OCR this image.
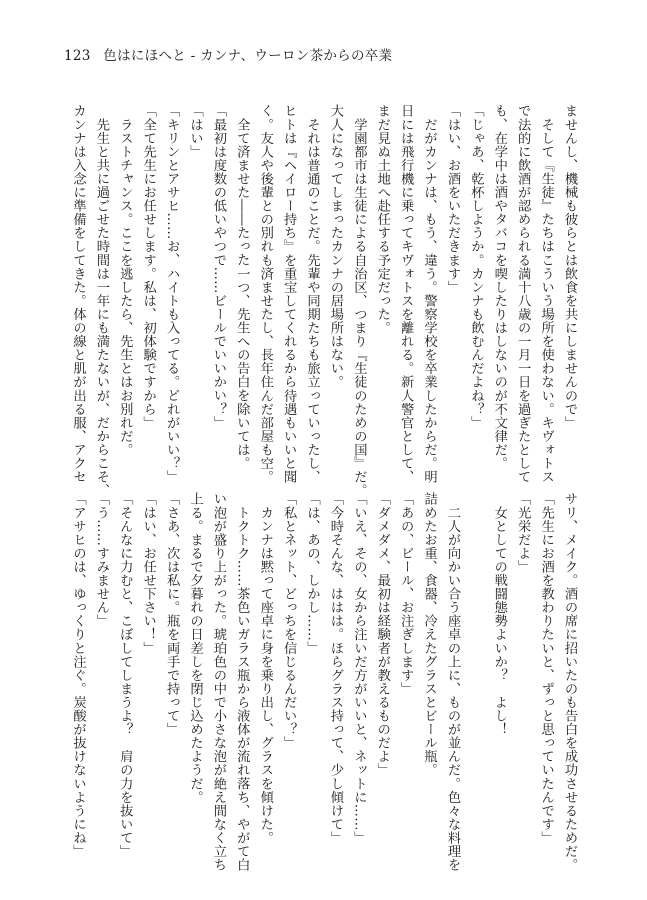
123 色はにほへと - カンナ、ウーロン茶からの卒業
ませんし、機械も彼らとは飲食を共にしませんので」
　そして『生徒』たちはこういう場所を使わない。キヴォトス
で法的に飲酒が認められる満十八歳の一月一日を過ぎたとして
も、在学中は酒やタバコを喫したりはしないのが不文律だ。
「じゃあ、乾杯しようか。カンナも飲むんだよね？」
「はい、お酒をいただきます」
　だがカンナは、もう、違う。警察学校を卒業したからだ。明
日には飛行機に乗ってキヴォトスを離れる。新人警官として、
まだ見ぬ土地へ赴任する予定だった。
　学園都市は生徒による自治区、つまり『生徒のための国』だ。
大人になってしまったカンナの居場所はない。
　それは普通のことだ。先輩や同期たちも旅立っていったし、
ヒトは『ヘイロー持ち』を重宝してくれるから待遇もいいと聞
く。友人や後輩との別れも済ませたし、長年住んだ部屋も空。
　全て済ませた――たった一つ、先生への告白を除いては。
「最初は度数の低いやつで……ビールでいいかい？」
「はい」
「キリンとアサヒ……お、ハイトも入ってる。どれがいい？」
「全て先生にお任せします。私は、初体験ですから」
　ラストチャンス。ここを逃したら、先生とはお別れだ。
　先生と共に過ごせた時間は一年にも満たないが、だからこそ、
カンナは入念に準備をしてきた。体の線と肌が出る服、アクセ
サリ、メイク。酒の席に招いたのも告白を成功させるためだ。
「先生にお酒を教わりたいと、ずっと思っていたんです」
「光栄だよ」
　女としての戦闘態勢よいか？　よし！

　二人が向かい合う座卓の上に、ものが並んだ。色々な料理を
詰めたお重、食器、冷えたグラスとビール瓶。
「あの、ビール、お注ぎします」
「ダメダメ、最初は経験者が教えるものだよ」
「いえ、その、女から注いだ方がいいと、ネットに……」
「今時そんな、ははは。ほらグラス持って、少し傾けて」
「は、あの、しかし……」
「私とネット、どっちを信じるんだい？」
　カンナは黙って座卓に身を乗り出し、グラスを傾けた。
　トクトク……茶色いガラス瓶から液体が流れ落ち、やがて白
い泡が盛り上がった。琥珀色の中で小さな泡が絶え間なく立ち
上る。まるで夕暮れの日差しを閉じ込めたようだ。
「さあ、次は私に。瓶を両手で持って」
「はい、お任せ下さい！」
「そんなに力むと、こぼしてしまうよ？　肩の力を抜いて」
「う……すみません」
「アサヒのは、ゆっくりと注ぐ。炭酸が抜けないようにね」
